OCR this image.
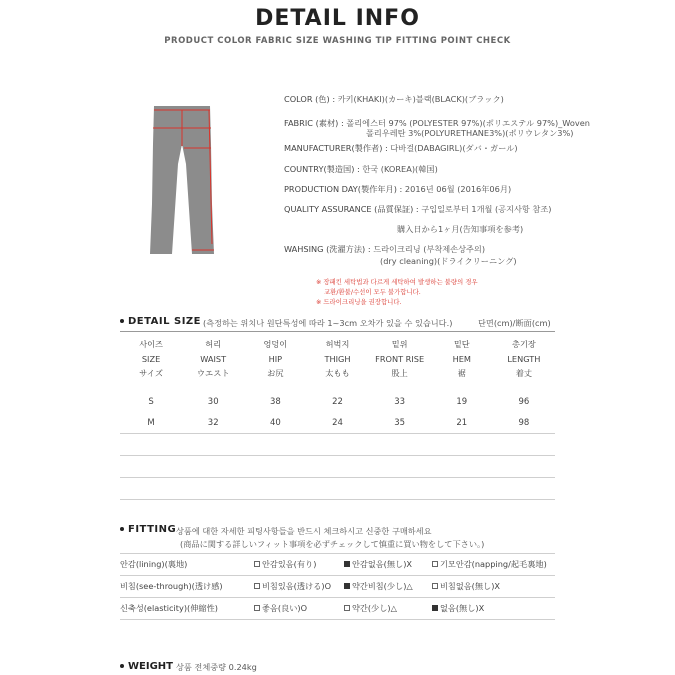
DETAIL INFO
PRODUCT COLOR FABRIC SIZE WASHING TIP FITTING POINT CHECK
COLOR (色) : 카키(KHAKI)(カーキ)블랙(BLACK)(ブラック)
FABRIC (素材) : 폴리에스터 97% (POLYESTER 97%)(ポリエステル 97%)_Woven
폴리우레탄 3%(POLYURETHANE3%)(ポリウレタン3%)
MANUFACTURER(製作者) : 다바걸(DABAGIRL)(ダバ・ガール)
COUNTRY(製造国) : 한국 (KOREA)(韓国)
PRODUCTION DAY(製作年月) : 2016년 06월 (2016年06月)
QUALITY ASSURANCE (品質保証) : 구입일로부터 1개월 (공지사항 참조)
購入日から1ヶ月(告知事項を参考)
WAHSING (洗濯方法) : 드라이크리닝 (부착제손상주의)
(dry cleaning)(ドライクリーニング)
※ 장패킨 세탁법과 다르게 세탁하여 발생하는 불량의 경우
교환/환불/수선이 모두 불가합니다.
※ 드라이크리닝을 권장합니다.
DETAIL SIZE (측정하는 위치나 원단특성에 따라 1~3cm 오차가 있을 수 있습니다.)	단면(cm)/断面(cm)
사이즈	허리	엉덩이	허벅지	밑위	밑단	총기장
SIZE	WAIST	HIP	THIGH	FRONT RISE	HEM	LENGTH
サイズ	ウエスト	お尻	太もも	股上	裾	着丈
S	30	38	22	33	19	96
M	32	40	24	35	21	98
FITTING 상품에 대한 자세한 피팅사항들을 반드시 체크하시고 신중한 구매하세요
(商品に関する詳しいフィット事項を必ずチェックして慎重に買い物をして下さい。)
안감(lining)(裏地)	안감있음(有り)	안감없음(無し)X	기모안감(napping/起毛裏地)
비침(see-through)(透け感)	비침있음(透ける)O	약간비침(少し)△	비침없음(無し)X
신축성(elasticity)(伸縮性)	좋음(良い)O	약간(少し)△	없음(無し)X
WEIGHT 상품 전체중량 0.24kg
